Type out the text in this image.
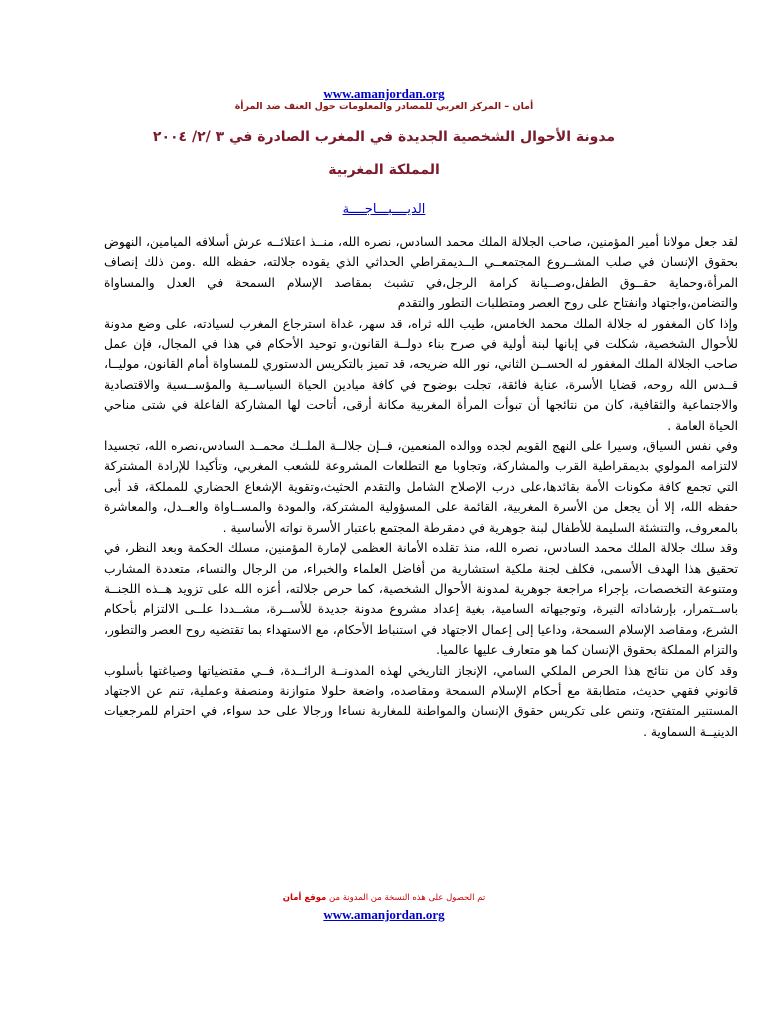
www.amanjordan.org
أمان – المركز العربي للمصادر والمعلومات حول العنف ضد المرأة
مدونة الأحوال الشخصية الجديدة في المغرب الصادرة في ٣ /٢/ ٢٠٠٤
المملكة المغربية
الديــــبـــاجــــة

لقد جعل مولانا أمير المؤمنين، صاحب الجلالة الملك محمد السادس، نصره الله، منــذ اعتلائــه عرش أسلافه الميامين، النهوض بحقوق الإنسان في صلب المشــروع المجتمعــي الــديمقراطي الحداثي الذي يقوده جلالته، حفظه الله .ومن ذلك إنصاف المرأة،وحماية حقــوق الطفل،وصــيانة كرامة الرجل،في تشبث بمقاصد الإسلام السمحة في العدل والمساواة والتضامن،واجتهاد وانفتاح على روح العصر ومتطلبات التطور والتقدم

وإذا كان المغفور له جلالة الملك محمد الخامس، طيب الله ثراه، قد سهر، غداة استرجاع المغرب لسيادته، على وضع مدونة للأحوال الشخصية، شكلت في إبانها لبنة أولية في صرح بناء دولــة القانون،و توحيد الأحكام في هذا في المجال، فإن عمل صاحب الجلالة الملك المغفور له الحســن الثاني، نور الله ضريحه، قد تميز بالتكريس الدستوري للمساواة أمام القانون، موليــا، قــدس الله روحه، قضايا الأسرة، عناية فائقة، تجلت بوضوح في كافة ميادين الحياة السياســية والمؤســسية والاقتصادية والاجتماعية والثقافية، كان من نتائجها أن تبوأت المرأة المغربية مكانة أرقى، أتاحت لها المشاركة الفاعلة في شتى مناحي الحياة العامة .

وفي نفس السياق، وسيرا على النهج القويم لجده ووالده المنعمين، فــإن جلالــة الملــك محمــد السادس،نصره الله، تجسيدا لالتزامه المولوي بديمقراطية القرب والمشاركة، وتجاوبا مع التطلعات المشروعة للشعب المغربي، وتأكيدا للإرادة المشتركة التي تجمع كافة مكونات الأمة بقائدها،على درب الإصلاح الشامل والتقدم الحثيث،وتقوية الإشعاع الحضاري للمملكة، قد أبى حفظه الله، إلا أن يجعل من الأسرة المغربية، القائمة على المسؤولية المشتركة، والمودة والمســاواة والعــدل، والمعاشرة بالمعروف، والتنشئة السليمة للأطفال لبنة جوهرية في دمقرطة المجتمع باعتبار الأسرة نواته الأساسية .

وقد سلك جلالة الملك محمد السادس، نصره الله، منذ تقلده الأمانة العظمى لإمارة المؤمنين، مسلك الحكمة وبعد النظر، في تحقيق هذا الهدف الأسمى، فكلف لجنة ملكية استشارية من أفاضل العلماء والخبراء، من الرجال والنساء، متعددة المشارب ومتنوعة التخصصات، بإجراء مراجعة جوهرية لمدونة الأحوال الشخصية، كما حرص جلالته، أعزه الله على تزويد هــذه اللجنــة باســتمرار، بإرشاداته النيرة، وتوجيهاته السامية، بغية إعداد مشروع مدونة جديدة للأســرة، مشــددا علــى الالتزام بأحكام الشرع، ومقاصد الإسلام السمحة، وداعيا إلى إعمال الاجتهاد في استنباط الأحكام، مع الاستهداء بما تقتضيه روح العصر والتطور، والتزام المملكة بحقوق الإنسان كما هو متعارف عليها عالميا.

وقد كان من نتائج هذا الحرص الملكي السامي، الإنجاز التاريخي لهذه المدونــة الرائــدة، فــي مقتضياتها وصياغتها بأسلوب قانوني فقهي حديث، متطابقة مع أحكام الإسلام السمحة ومقاصده، واضعة حلولا متوازنة ومنصفة وعملية، تنم عن الاجتهاد المستنير المتفتح، وتنص على تكريس حقوق الإنسان والمواطنة للمغاربة نساءا ورجالا على حد سواء، في احترام للمرجعيات الدينيــة السماوية .

تم الحصول على هذه النسخة من المدونة من موقع أمان
www.amanjordan.org
